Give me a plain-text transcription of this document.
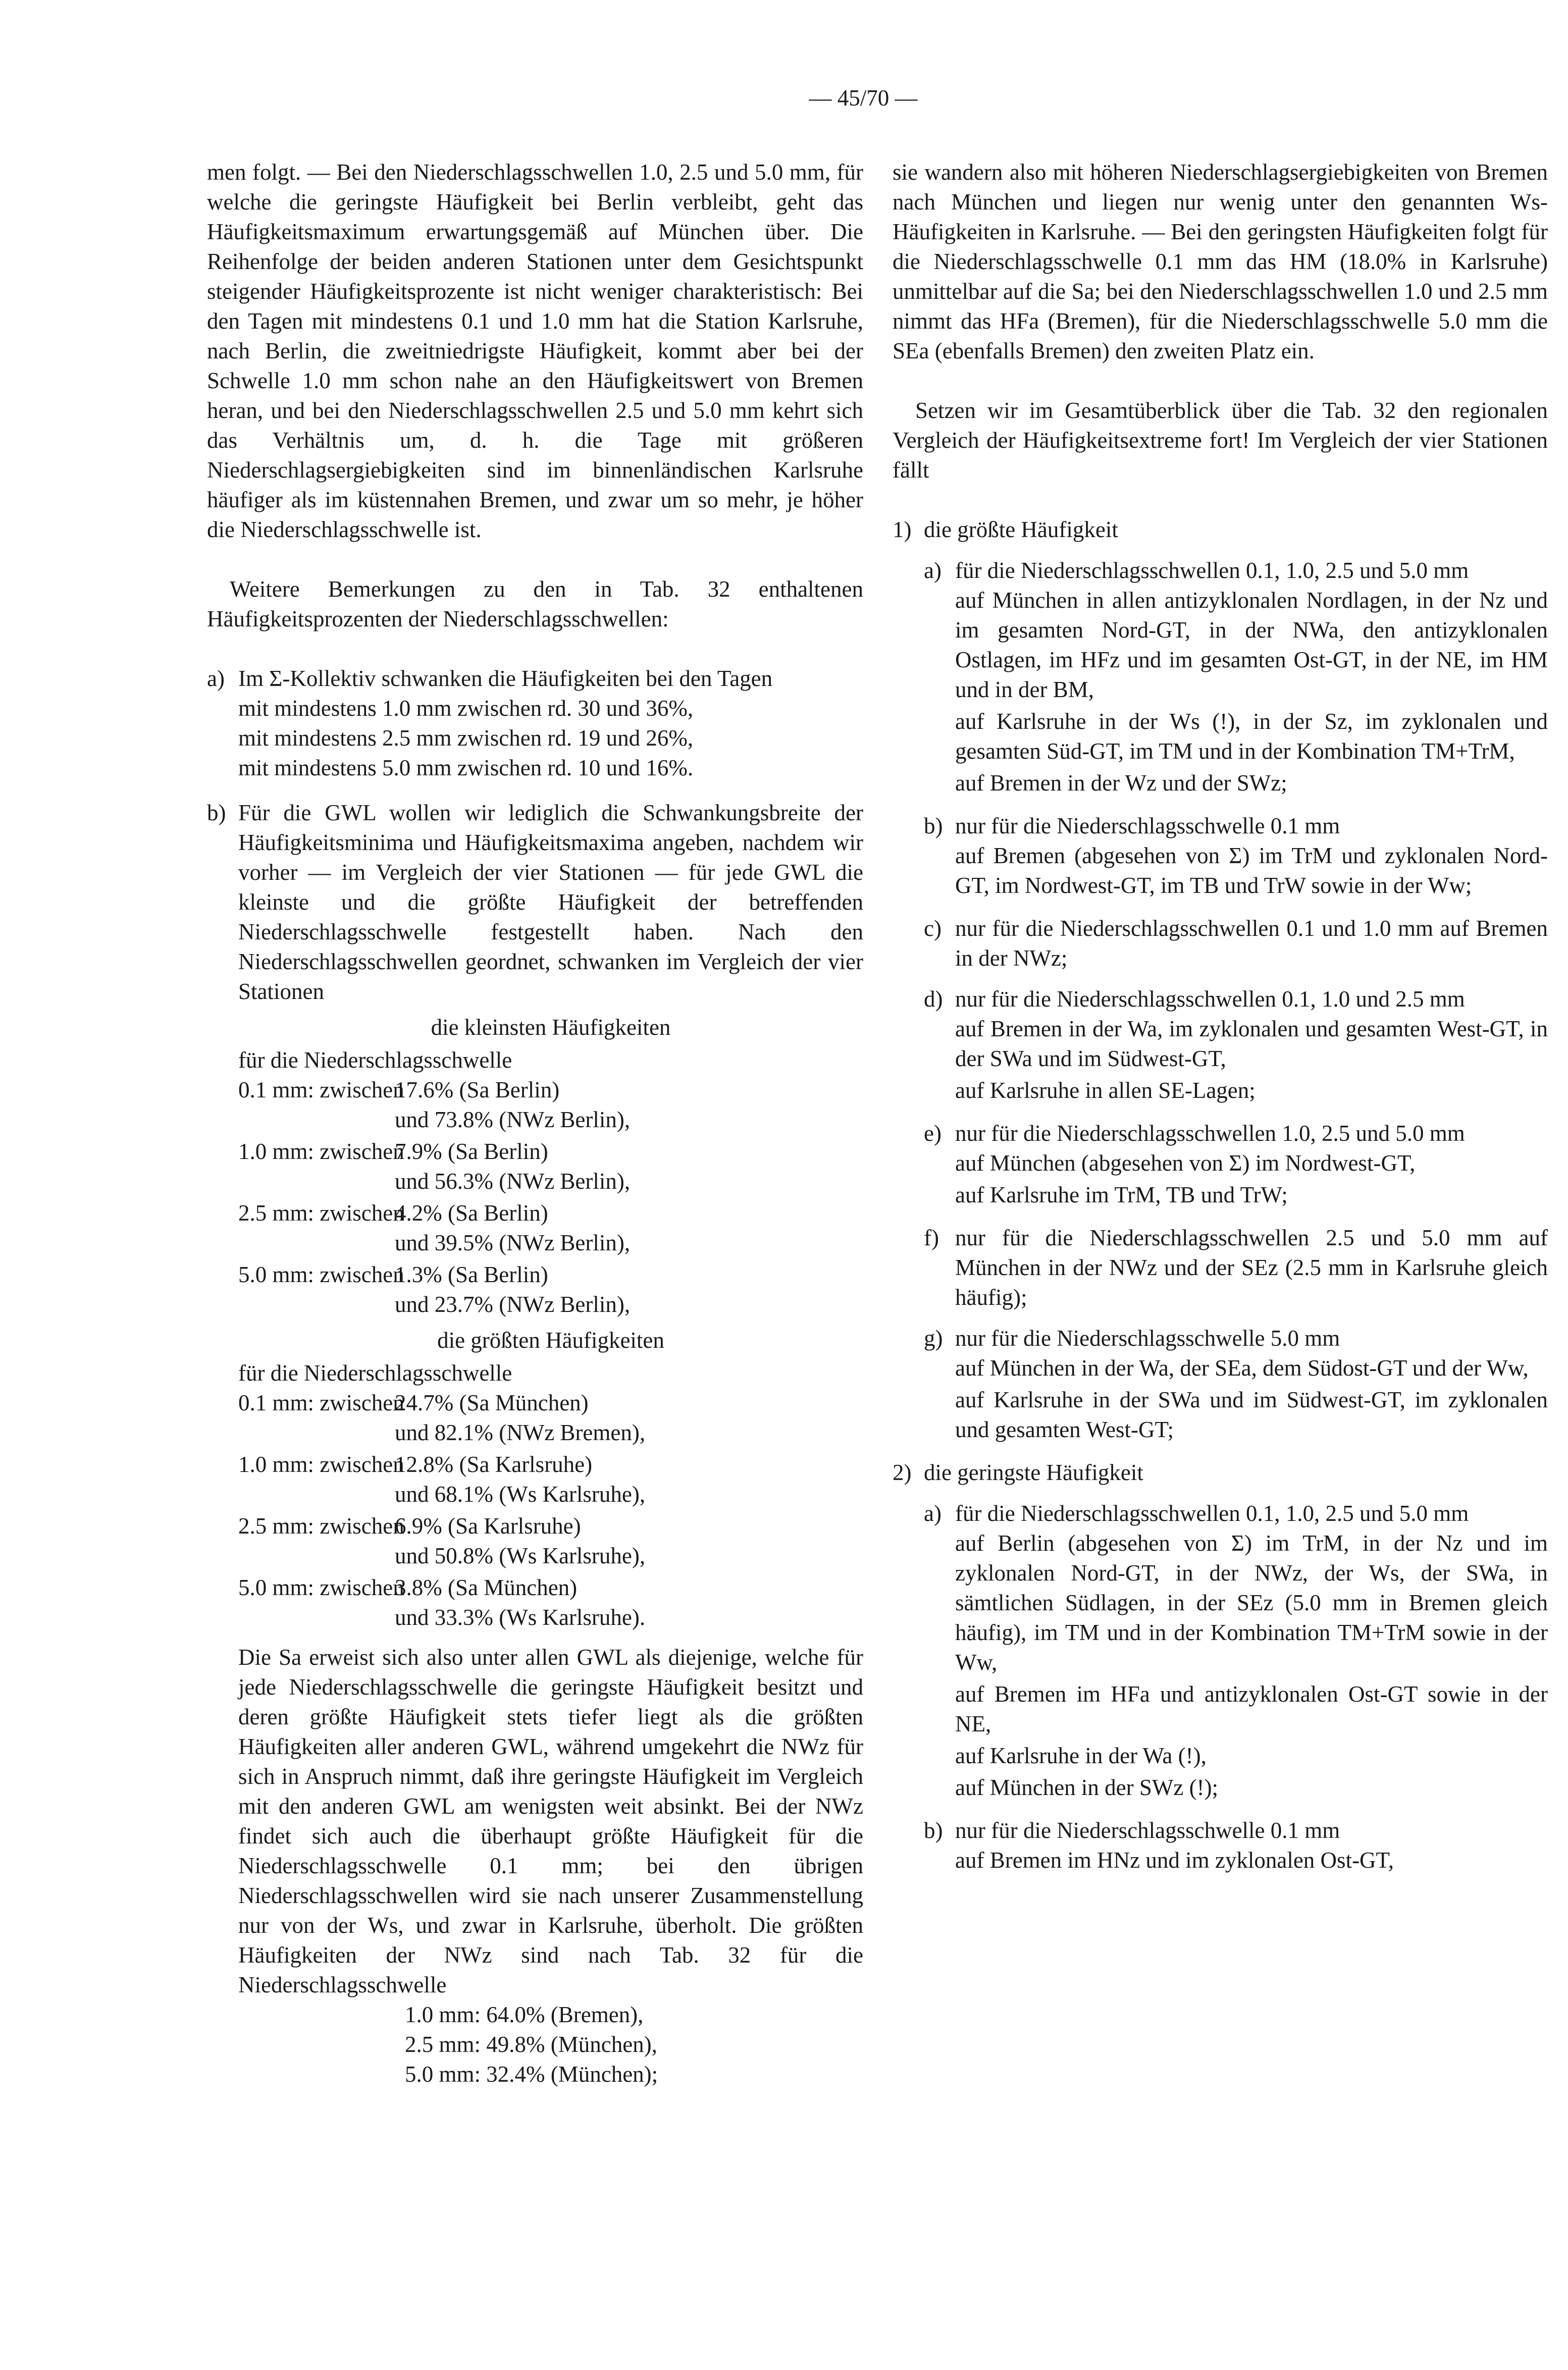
— 45/70 —

men folgt. — Bei den Niederschlagsschwellen 1.0, 2.5 und 5.0 mm, für welche die geringste Häufigkeit bei Berlin verbleibt, geht das Häufigkeitsmaximum erwartungsgemäß auf München über. Die Reihenfolge der beiden anderen Stationen unter dem Gesichtspunkt steigender Häufigkeitsprozente ist nicht weniger charakteristisch: Bei den Tagen mit mindestens 0.1 und 1.0 mm hat die Station Karlsruhe, nach Berlin, die zweitniedrigste Häufigkeit, kommt aber bei der Schwelle 1.0 mm schon nahe an den Häufigkeitswert von Bremen heran, und bei den Niederschlagsschwellen 2.5 und 5.0 mm kehrt sich das Verhältnis um, d. h. die Tage mit größeren Niederschlagsergiebigkeiten sind im binnenländischen Karlsruhe häufiger als im küstennahen Bremen, und zwar um so mehr, je höher die Niederschlagsschwelle ist.

Weitere Bemerkungen zu den in Tab. 32 enthaltenen Häufigkeitsprozenten der Niederschlagsschwellen:

a) Im Σ-Kollektiv schwanken die Häufigkeiten bei den Tagen
mit mindestens 1.0 mm zwischen rd. 30 und 36%,
mit mindestens 2.5 mm zwischen rd. 19 und 26%,
mit mindestens 5.0 mm zwischen rd. 10 und 16%.
b) Für die GWL wollen wir lediglich die Schwankungsbreite der Häufigkeitsminima und Häufigkeitsmaxima angeben, nachdem wir vorher — im Vergleich der vier Stationen — für jede GWL die kleinste und die größte Häufigkeit der betreffenden Niederschlagsschwelle festgestellt haben. Nach den Niederschlagsschwellen geordnet, schwanken im Vergleich der vier Stationen
die kleinsten Häufigkeiten
für die Niederschlagsschwelle
0.1 mm: zwischen
17.6% (Sa Berlin)
und 73.8% (NWz Berlin),
1.0 mm: zwischen
7.9% (Sa Berlin)
und 56.3% (NWz Berlin),
2.5 mm: zwischen
4.2% (Sa Berlin)
und 39.5% (NWz Berlin),
5.0 mm: zwischen
1.3% (Sa Berlin)
und 23.7% (NWz Berlin),
die größten Häufigkeiten
für die Niederschlagsschwelle
0.1 mm: zwischen
24.7% (Sa München)
und 82.1% (NWz Bremen),
1.0 mm: zwischen
12.8% (Sa Karlsruhe)
und 68.1% (Ws Karlsruhe),
2.5 mm: zwischen
6.9% (Sa Karlsruhe)
und 50.8% (Ws Karlsruhe),
5.0 mm: zwischen
3.8% (Sa München)
und 33.3% (Ws Karlsruhe).
Die Sa erweist sich also unter allen GWL als diejenige, welche für jede Niederschlagsschwelle die geringste Häufigkeit besitzt und deren größte Häufigkeit stets tiefer liegt als die größten Häufigkeiten aller anderen GWL, während umgekehrt die NWz für sich in Anspruch nimmt, daß ihre geringste Häufigkeit im Vergleich mit den anderen GWL am wenigsten weit absinkt. Bei der NWz findet sich auch die überhaupt größte Häufigkeit für die Niederschlagsschwelle 0.1 mm; bei den übrigen Niederschlagsschwellen wird sie nach unserer Zusammenstellung nur von der Ws, und zwar in Karlsruhe, überholt. Die größten Häufigkeiten der NWz sind nach Tab. 32 für die Niederschlagsschwelle
1.0 mm: 64.0% (Bremen),
2.5 mm: 49.8% (München),
5.0 mm: 32.4% (München);

sie wandern also mit höheren Niederschlagsergiebigkeiten von Bremen nach München und liegen nur wenig unter den genannten Ws-Häufigkeiten in Karlsruhe. — Bei den geringsten Häufigkeiten folgt für die Niederschlagsschwelle 0.1 mm das HM (18.0% in Karlsruhe) unmittelbar auf die Sa; bei den Niederschlagsschwellen 1.0 und 2.5 mm nimmt das HFa (Bremen), für die Niederschlagsschwelle 5.0 mm die SEa (ebenfalls Bremen) den zweiten Platz ein.

Setzen wir im Gesamtüberblick über die Tab. 32 den regionalen Vergleich der Häufigkeitsextreme fort! Im Vergleich der vier Stationen fällt

1) die größte Häufigkeit
a) für die Niederschlagsschwellen 0.1, 1.0, 2.5 und 5.0 mm
auf München in allen antizyklonalen Nordlagen, in der Nz und im gesamten Nord-GT, in der NWa, den antizyklonalen Ostlagen, im HFz und im gesamten Ost-GT, in der NE, im HM und in der BM,
auf Karlsruhe in der Ws (!), in der Sz, im zyklonalen und gesamten Süd-GT, im TM und in der Kombination TM+TrM,
auf Bremen in der Wz und der SWz;
b) nur für die Niederschlagsschwelle 0.1 mm
auf Bremen (abgesehen von Σ) im TrM und zyklonalen Nord-GT, im Nordwest-GT, im TB und TrW sowie in der Ww;
c) nur für die Niederschlagsschwellen 0.1 und 1.0 mm auf Bremen in der NWz;
d) nur für die Niederschlagsschwellen 0.1, 1.0 und 2.5 mm
auf Bremen in der Wa, im zyklonalen und gesamten West-GT, in der SWa und im Südwest-GT,
auf Karlsruhe in allen SE-Lagen;
e) nur für die Niederschlagsschwellen 1.0, 2.5 und 5.0 mm
auf München (abgesehen von Σ) im Nordwest-GT,
auf Karlsruhe im TrM, TB und TrW;
f) nur für die Niederschlagsschwellen 2.5 und 5.0 mm auf München in der NWz und der SEz (2.5 mm in Karlsruhe gleich häufig);
g) nur für die Niederschlagsschwelle 5.0 mm
auf München in der Wa, der SEa, dem Südost-GT und der Ww,
auf Karlsruhe in der SWa und im Südwest-GT, im zyklonalen und gesamten West-GT;
2) die geringste Häufigkeit
a) für die Niederschlagsschwellen 0.1, 1.0, 2.5 und 5.0 mm
auf Berlin (abgesehen von Σ) im TrM, in der Nz und im zyklonalen Nord-GT, in der NWz, der Ws, der SWa, in sämtlichen Südlagen, in der SEz (5.0 mm in Bremen gleich häufig), im TM und in der Kombination TM+TrM sowie in der Ww,
auf Bremen im HFa und antizyklonalen Ost-GT sowie in der NE,
auf Karlsruhe in der Wa (!),
auf München in der SWz (!);
b) nur für die Niederschlagsschwelle 0.1 mm
auf Bremen im HNz und im zyklonalen Ost-GT,
